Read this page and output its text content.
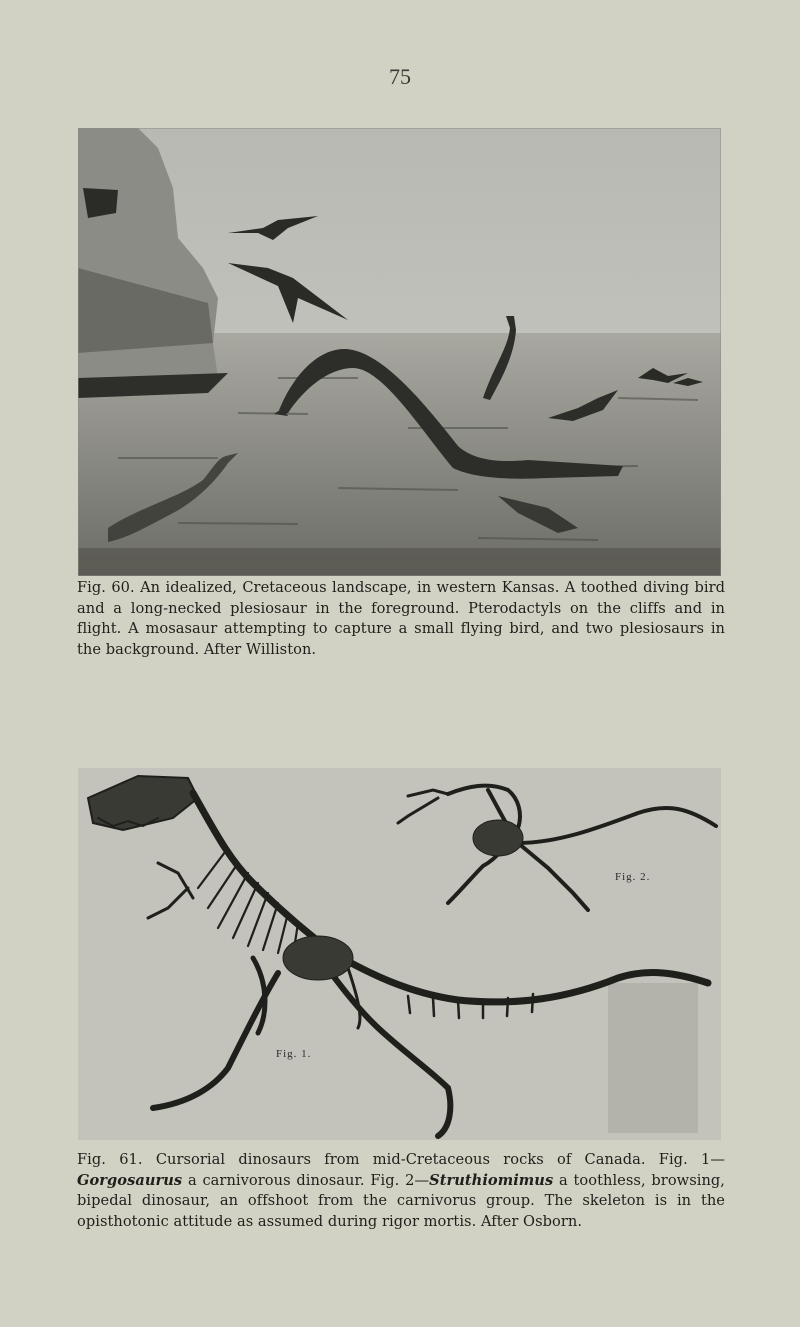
75
Fig. 60. An idealized, Cretaceous landscape, in western Kansas. A toothed diving bird and a long-necked plesiosaur in the foreground. Pterodactyls on the cliffs and in flight. A mosasaur attempting to capture a small flying bird, and two plesiosaurs in the background. After Williston.
Fig. 2.
Fig. 1.
Fig. 61. Cursorial dinosaurs from mid-Cretaceous rocks of Canada. Fig. 1—Gorgosaurus a carnivorous dinosaur. Fig. 2—Struthiomimus a toothless, browsing, bipedal dinosaur, an offshoot from the carnivorus group. The skeleton is in the opisthotonic attitude as assumed during rigor mortis. After Osborn.
